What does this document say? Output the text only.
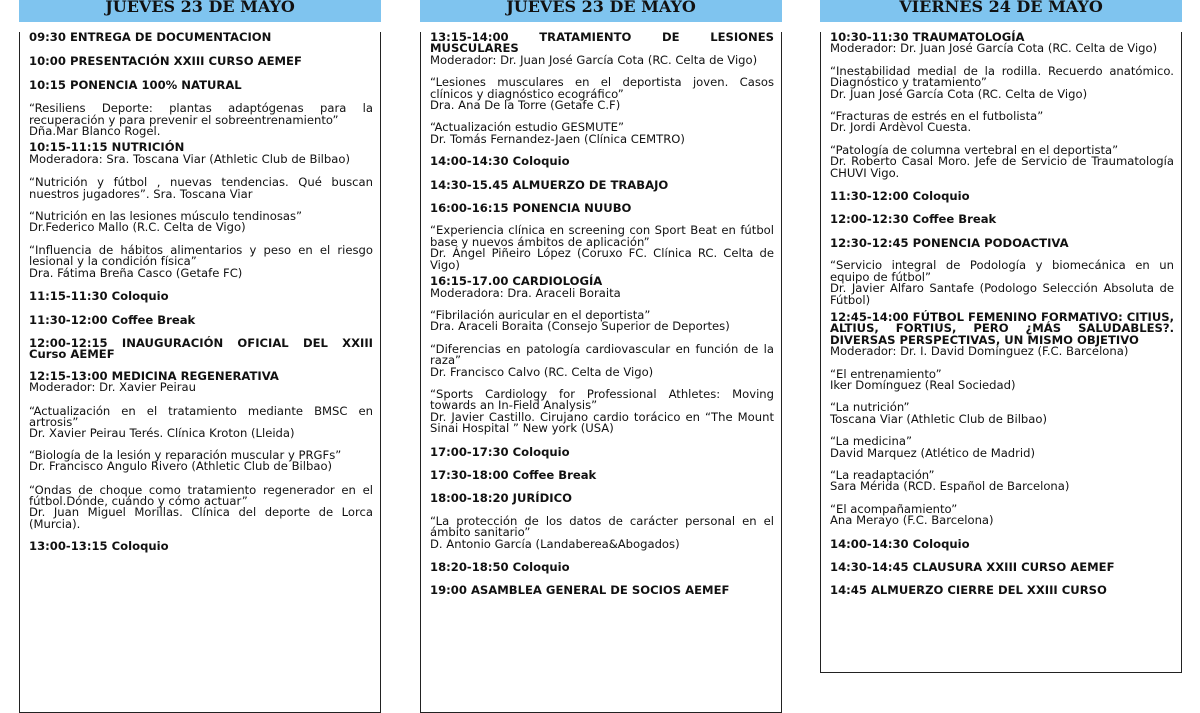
JUEVES 23 DE MAYO
09:30 ENTREGA DE DOCUMENTACION
10:00 PRESENTACIÓN XXIII CURSO AEMEF
10:15 PONENCIA 100% NATURAL
“Resiliens Deporte: plantas adaptógenas para la recuperación y para prevenir el sobreentrenamiento”
Dña.Mar Blanco Rogel.
10:15-11:15 NUTRICIÓN
Moderadora: Sra. Toscana Viar (Athletic Club de Bilbao)
“Nutrición y fútbol , nuevas tendencias. Qué buscan nuestros jugadores”. Sra. Toscana Viar
“Nutrición en las lesiones músculo tendinosas”
Dr.Federico Mallo (R.C. Celta de Vigo)
“Influencia de hábitos alimentarios y peso en el riesgo lesional y la condición física”
Dra. Fátima Breña Casco (Getafe FC)
11:15-11:30 Coloquio
11:30-12:00 Coffee Break
12:00-12:15 INAUGURACIÓN OFICIAL DEL XXIII Curso AEMEF
12:15-13:00 MEDICINA REGENERATIVA
Moderador: Dr. Xavier Peirau
“Actualización en el tratamiento mediante BMSC en artrosis”
Dr. Xavier Peirau Terés. Clínica Kroton (Lleida)
“Biología de la lesión y reparación muscular y PRGFs”
Dr. Francisco Angulo Rivero (Athletic Club de Bilbao)
“Ondas de choque como tratamiento regenerador en el fútbol.Dónde, cuándo y cómo actuar”
Dr. Juan Miguel Morillas. Clínica del deporte de Lorca (Murcia).
13:00-13:15 Coloquio
JUEVES 23 DE MAYO
13:15-14:00 TRATAMIENTO DE LESIONES MUSCULARES
Moderador: Dr. Juan José García Cota (RC. Celta de Vigo)
“Lesiones musculares en el deportista joven. Casos clínicos y diagnóstico ecográfico”
Dra. Ana De la Torre (Getafe C.F)
“Actualización estudio GESMUTE”
Dr. Tomás Fernandez-Jaen (Clínica CEMTRO)
14:00-14:30 Coloquio
14:30-15.45 ALMUERZO DE TRABAJO
16:00-16:15 PONENCIA NUUBO
“Experiencia clínica en screening con Sport Beat en fútbol base y nuevos ámbitos de aplicación”
Dr. Ángel Piñeiro López (Coruxo FC. Clínica RC. Celta de Vigo)
16:15-17.00 CARDIOLOGÍA
Moderadora: Dra. Araceli Boraita
“Fibrilación auricular en el deportista”
Dra. Araceli Boraita (Consejo Superior de Deportes)
“Diferencias en patología cardiovascular en función de la raza”
Dr. Francisco Calvo (RC. Celta de Vigo)
“Sports Cardiology for Professional Athletes: Moving towards an In-Field Analysis”
Dr. Javier Castillo. Cirujano cardio torácico en “The Mount Sinai Hospital ” New york (USA)
17:00-17:30 Coloquio
17:30-18:00 Coffee Break
18:00-18:20 JURÍDICO
“La protección de los datos de carácter personal en el ámbito sanitario”
D. Antonio García (Landaberea&Abogados)
18:20-18:50 Coloquio
19:00 ASAMBLEA GENERAL DE SOCIOS AEMEF
VIERNES 24 DE MAYO
10:30-11:30 TRAUMATOLOGÍA
Moderador: Dr. Juan José García Cota (RC. Celta de Vigo)
“Inestabilidad medial de la rodilla. Recuerdo anatómico. Diagnóstico y tratamiento”
Dr. Juan José García Cota (RC. Celta de Vigo)
“Fracturas de estrés en el futbolista”
Dr. Jordi Ardèvol Cuesta.
“Patología de columna vertebral en el deportista”
Dr. Roberto Casal Moro. Jefe de Servicio de Traumatología CHUVI Vigo.
11:30-12:00 Coloquio
12:00-12:30 Coffee Break
12:30-12:45 PONENCIA PODOACTIVA
“Servicio integral de Podología y biomecánica en un equipo de fútbol”
Dr. Javier Alfaro Santafe (Podologo Selección Absoluta de Fútbol)
12:45-14:00 FÚTBOL FEMENINO FORMATIVO: CITIUS, ALTIUS, FORTIUS, PERO ¿MÁS SALUDABLES?. DIVERSAS PERSPECTIVAS, UN MISMO OBJETIVO
Moderador: Dr. I. David Domínguez (F.C. Barcelona)
“El entrenamiento”
Iker Domínguez (Real Sociedad)
“La nutrición”
Toscana Viar (Athletic Club de Bilbao)
“La medicina”
David Marquez (Atlético de Madrid)
“La readaptación”
Sara Mérida (RCD. Español de Barcelona)
“El acompañamiento”
Ana Merayo (F.C. Barcelona)
14:00-14:30 Coloquio
14:30-14:45 CLAUSURA XXIII CURSO AEMEF
14:45 ALMUERZO CIERRE DEL XXIII CURSO
